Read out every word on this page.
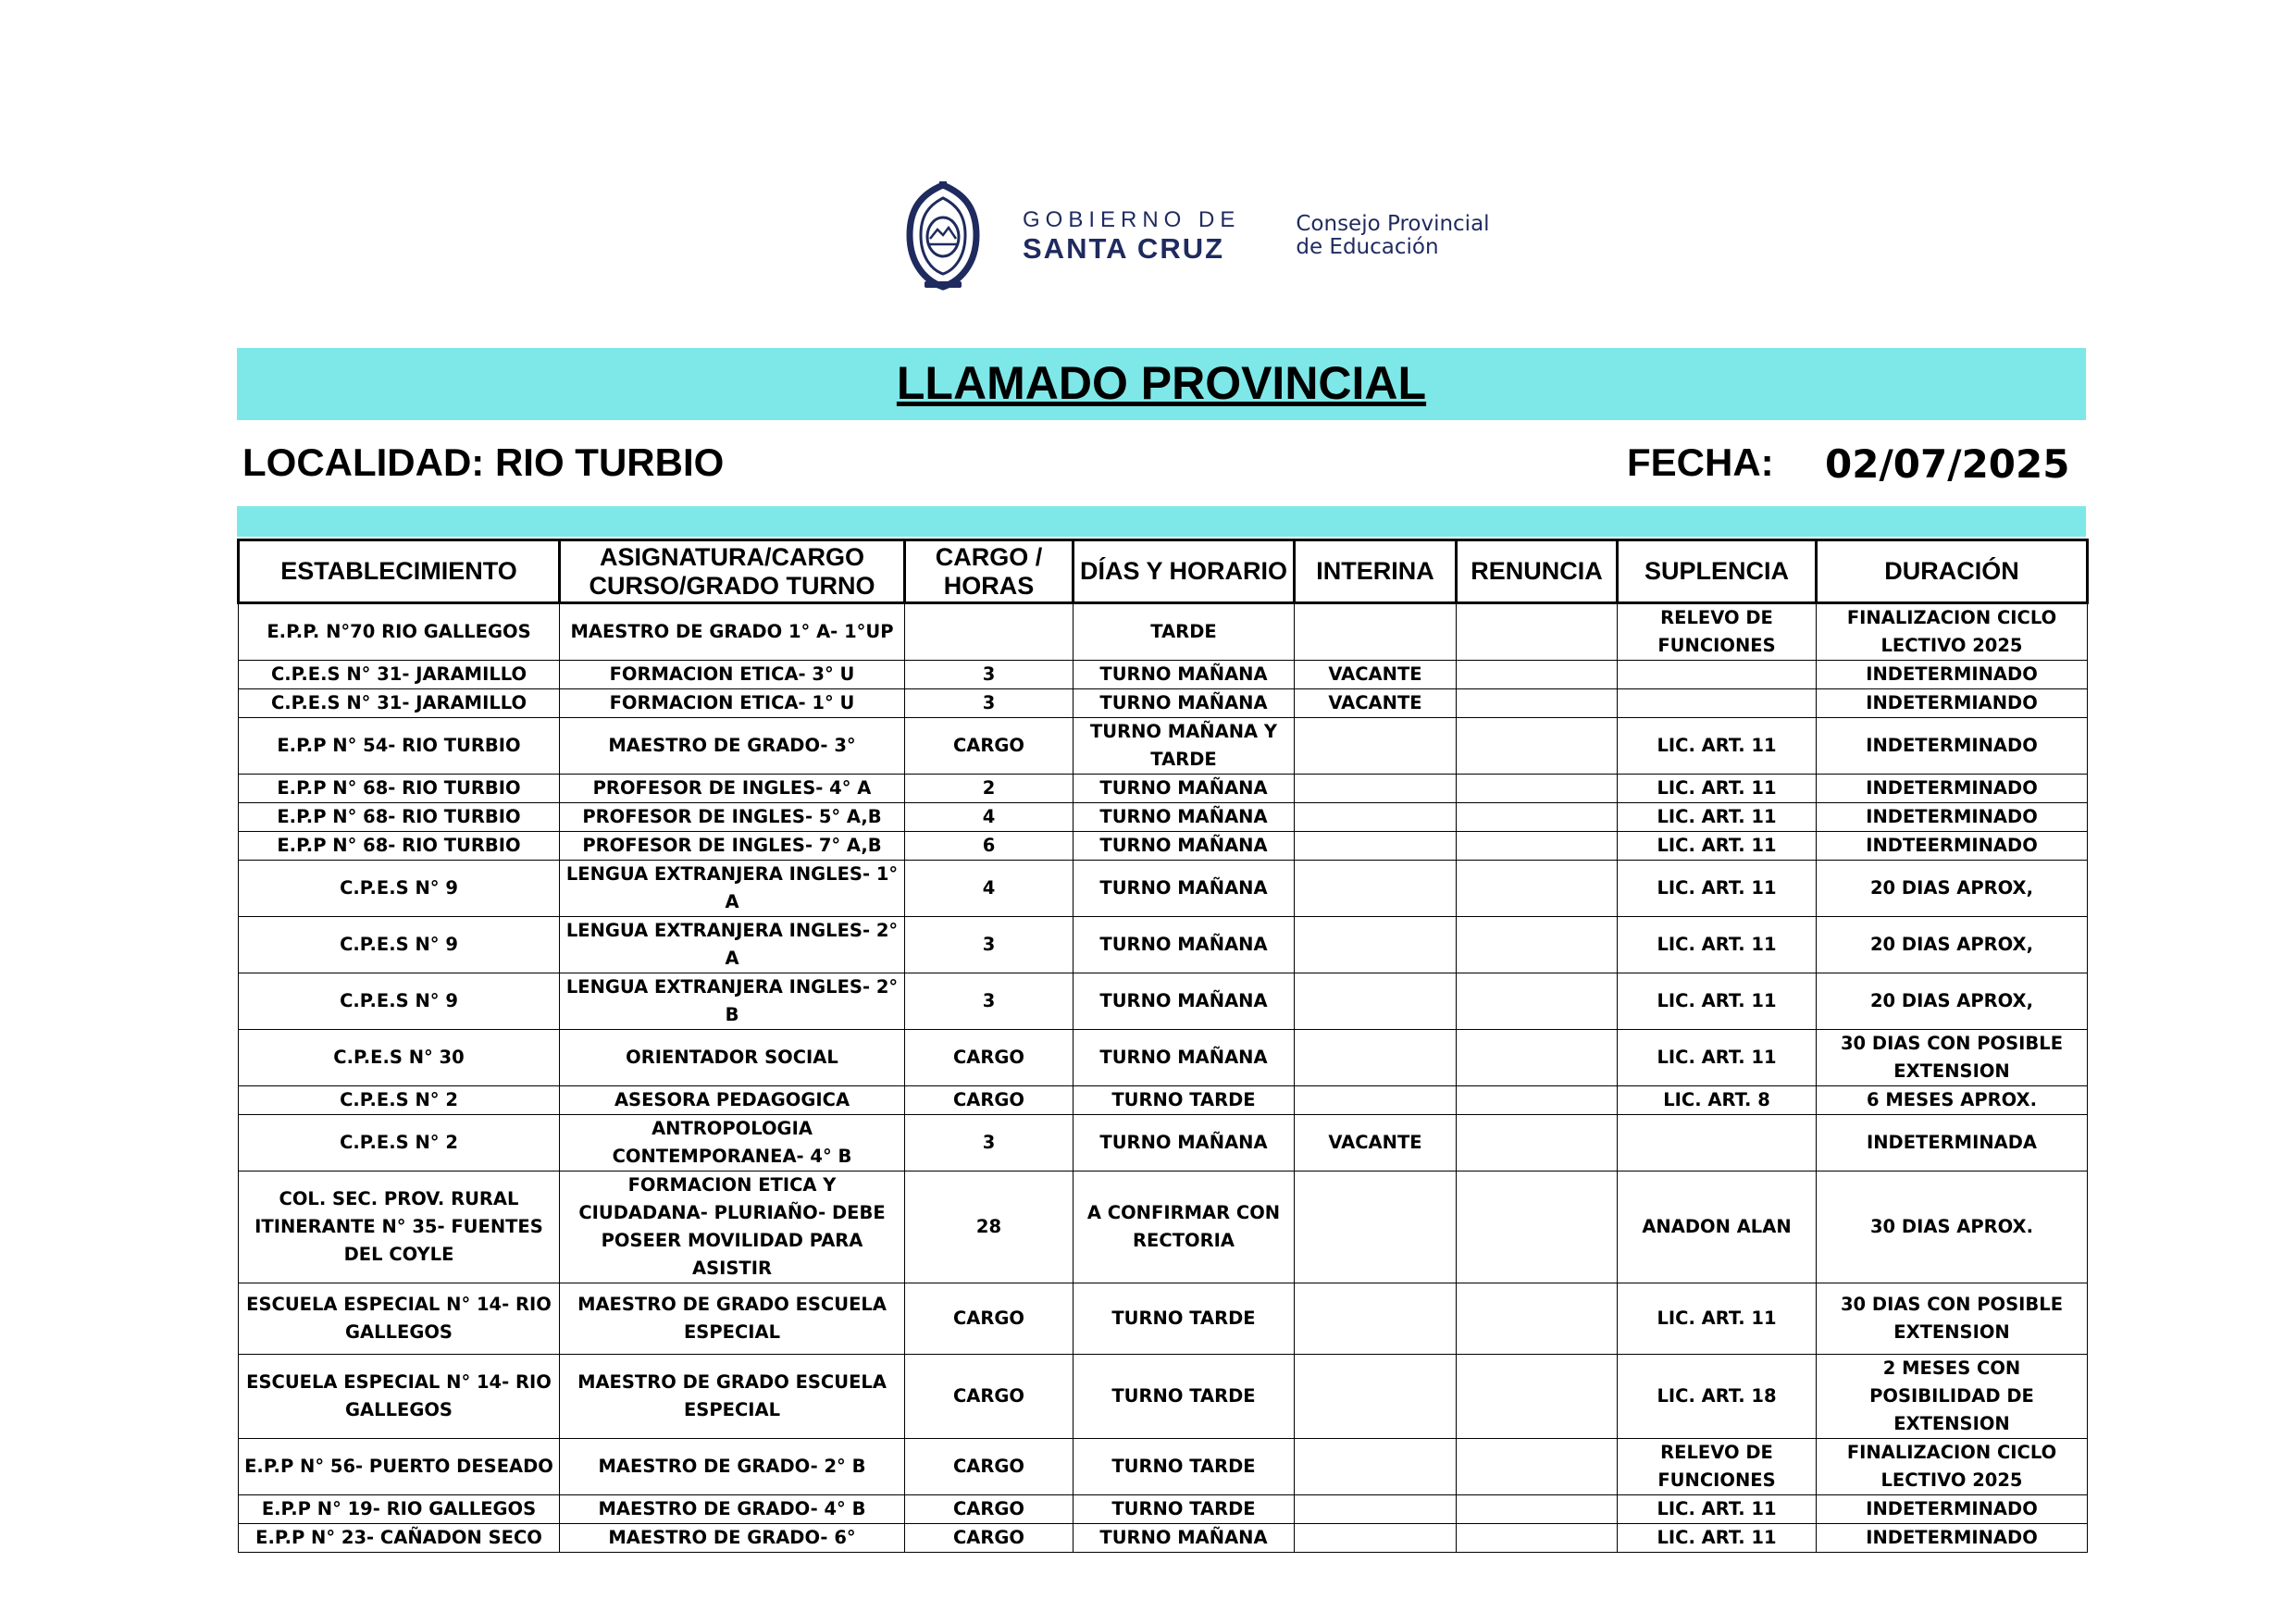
GOBIERNO DE
SANTA CRUZ
Consejo Provincial
de Educación
LLAMADO PROVINCIAL
LOCALIDAD: RIO TURBIO	FECHA: 02/07/2025
ESTABLECIMIENTO	ASIGNATURA/CARGO CURSO/GRADO TURNO	CARGO / HORAS	DÍAS Y HORARIO	INTERINA	RENUNCIA	SUPLENCIA	DURACIÓN
E.P.P. N°70 RIO GALLEGOS	MAESTRO DE GRADO 1° A- 1°UP		TARDE			RELEVO DE FUNCIONES	FINALIZACION CICLO LECTIVO 2025
C.P.E.S N° 31- JARAMILLO	FORMACION ETICA- 3° U	3	TURNO MAÑANA	VACANTE			INDETERMINADO
C.P.E.S N° 31- JARAMILLO	FORMACION ETICA- 1° U	3	TURNO MAÑANA	VACANTE			INDETERMIANDO
E.P.P N° 54- RIO TURBIO	MAESTRO DE GRADO- 3°	CARGO	TURNO MAÑANA Y TARDE			LIC. ART. 11	INDETERMINADO
E.P.P N° 68- RIO TURBIO	PROFESOR DE INGLES- 4° A	2	TURNO MAÑANA			LIC. ART. 11	INDETERMINADO
E.P.P N° 68- RIO TURBIO	PROFESOR DE INGLES- 5° A,B	4	TURNO MAÑANA			LIC. ART. 11	INDETERMINADO
E.P.P N° 68- RIO TURBIO	PROFESOR DE INGLES- 7° A,B	6	TURNO MAÑANA			LIC. ART. 11	INDTEERMINADO
C.P.E.S N° 9	LENGUA EXTRANJERA INGLES- 1° A	4	TURNO MAÑANA			LIC. ART. 11	20 DIAS APROX,
C.P.E.S N° 9	LENGUA EXTRANJERA INGLES- 2° A	3	TURNO MAÑANA			LIC. ART. 11	20 DIAS APROX,
C.P.E.S N° 9	LENGUA EXTRANJERA INGLES- 2° B	3	TURNO MAÑANA			LIC. ART. 11	20 DIAS APROX,
C.P.E.S N° 30	ORIENTADOR SOCIAL	CARGO	TURNO MAÑANA			LIC. ART. 11	30 DIAS CON POSIBLE EXTENSION
C.P.E.S N° 2	ASESORA PEDAGOGICA	CARGO	TURNO TARDE			LIC. ART. 8	6 MESES APROX.
C.P.E.S N° 2	ANTROPOLOGIA CONTEMPORANEA- 4° B	3	TURNO MAÑANA	VACANTE			INDETERMINADA
COL. SEC. PROV. RURAL ITINERANTE N° 35- FUENTES DEL COYLE	FORMACION ETICA Y CIUDADANA- PLURIAÑO- DEBE POSEER MOVILIDAD PARA ASISTIR	28	A CONFIRMAR CON RECTORIA			ANADON ALAN	30 DIAS APROX.
ESCUELA ESPECIAL N° 14- RIO GALLEGOS	MAESTRO DE GRADO ESCUELA ESPECIAL	CARGO	TURNO TARDE			LIC. ART. 11	30 DIAS CON POSIBLE EXTENSION
ESCUELA ESPECIAL N° 14- RIO GALLEGOS	MAESTRO DE GRADO ESCUELA ESPECIAL	CARGO	TURNO TARDE			LIC. ART. 18	2 MESES CON POSIBILIDAD DE EXTENSION
E.P.P N° 56- PUERTO DESEADO	MAESTRO DE GRADO- 2° B	CARGO	TURNO TARDE			RELEVO DE FUNCIONES	FINALIZACION CICLO LECTIVO 2025
E.P.P N° 19- RIO GALLEGOS	MAESTRO DE GRADO- 4° B	CARGO	TURNO TARDE			LIC. ART. 11	INDETERMINADO
E.P.P N° 23- CAÑADON SECO	MAESTRO DE GRADO- 6°	CARGO	TURNO MAÑANA			LIC. ART. 11	INDETERMINADO
